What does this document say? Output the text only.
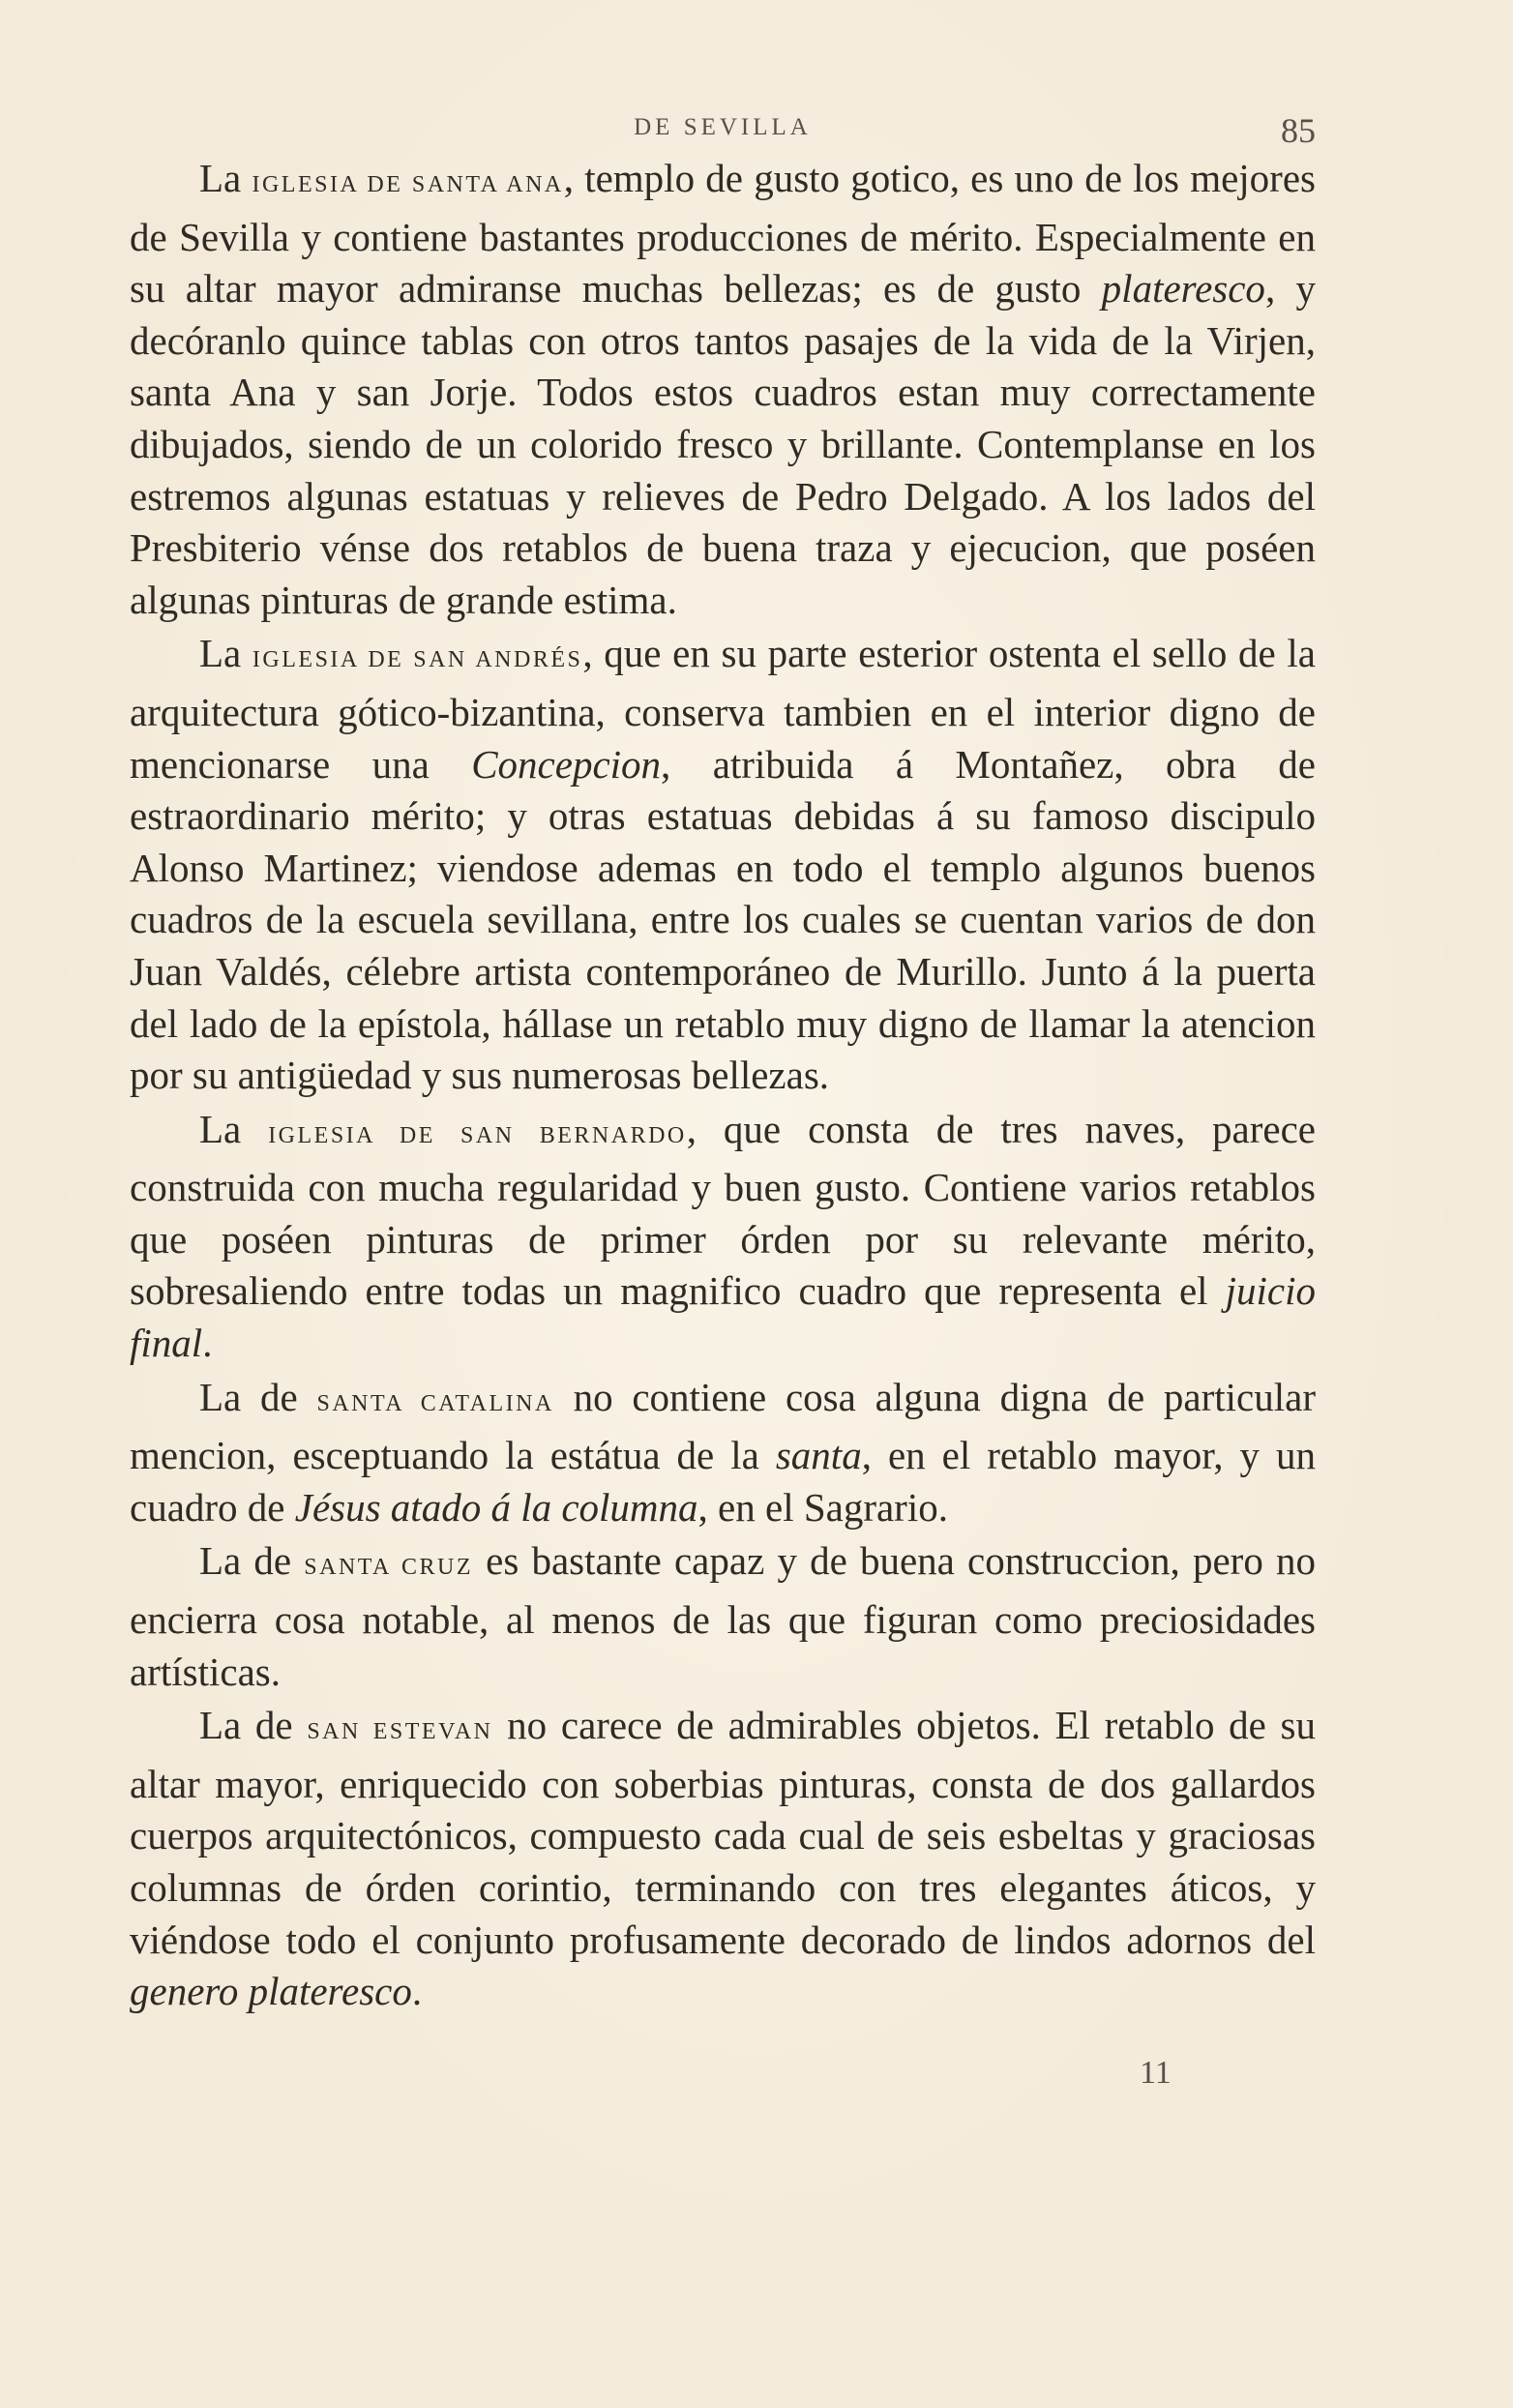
DE SEVILLA	85

La IGLESIA DE SANTA ANA, templo de gusto gotico, es uno de los mejores de Sevilla y contiene bastantes producciones de mérito. Especialmente en su altar mayor admiranse muchas bellezas; es de gusto plateresco, y decóranlo quince tablas con otros tantos pasajes de la vida de la Virjen, santa Ana y san Jorje. Todos estos cuadros estan muy correctamente dibujados, siendo de un colorido fresco y brillante. Contemplanse en los estremos algunas estatuas y relieves de Pedro Delgado. A los lados del Presbiterio vénse dos retablos de buena traza y ejecucion, que poséen algunas pinturas de grande estima.

La IGLESIA DE SAN ANDRÉS, que en su parte esterior ostenta el sello de la arquitectura gótico-bizantina, conserva tambien en el interior digno de mencionarse una Concepcion, atribuida á Montañez, obra de estraordinario mérito; y otras estatuas debidas á su famoso discipulo Alonso Martinez; viendose ademas en todo el templo algunos buenos cuadros de la escuela sevillana, entre los cuales se cuentan varios de don Juan Valdés, célebre artista contemporáneo de Murillo. Junto á la puerta del lado de la epístola, hállase un retablo muy digno de llamar la atencion por su antigüedad y sus numerosas bellezas.

La IGLESIA DE SAN BERNARDO, que consta de tres naves, parece construida con mucha regularidad y buen gusto. Contiene varios retablos que poséen pinturas de primer órden por su relevante mérito, sobresaliendo entre todas un magnifico cuadro que representa el juicio final.

La de SANTA CATALINA no contiene cosa alguna digna de particular mencion, esceptuando la estátua de la santa, en el retablo mayor, y un cuadro de Jésus atado á la columna, en el Sagrario.

La de SANTA CRUZ es bastante capaz y de buena construccion, pero no encierra cosa notable, al menos de las que figuran como preciosidades artísticas.

La de SAN ESTEVAN no carece de admirables objetos. El retablo de su altar mayor, enriquecido con soberbias pinturas, consta de dos gallardos cuerpos arquitectónicos, compuesto cada cual de seis esbeltas y graciosas columnas de órden corintio, terminando con tres elegantes áticos, y viéndose todo el conjunto profusamente decorado de lindos adornos del genero plateresco.

11
